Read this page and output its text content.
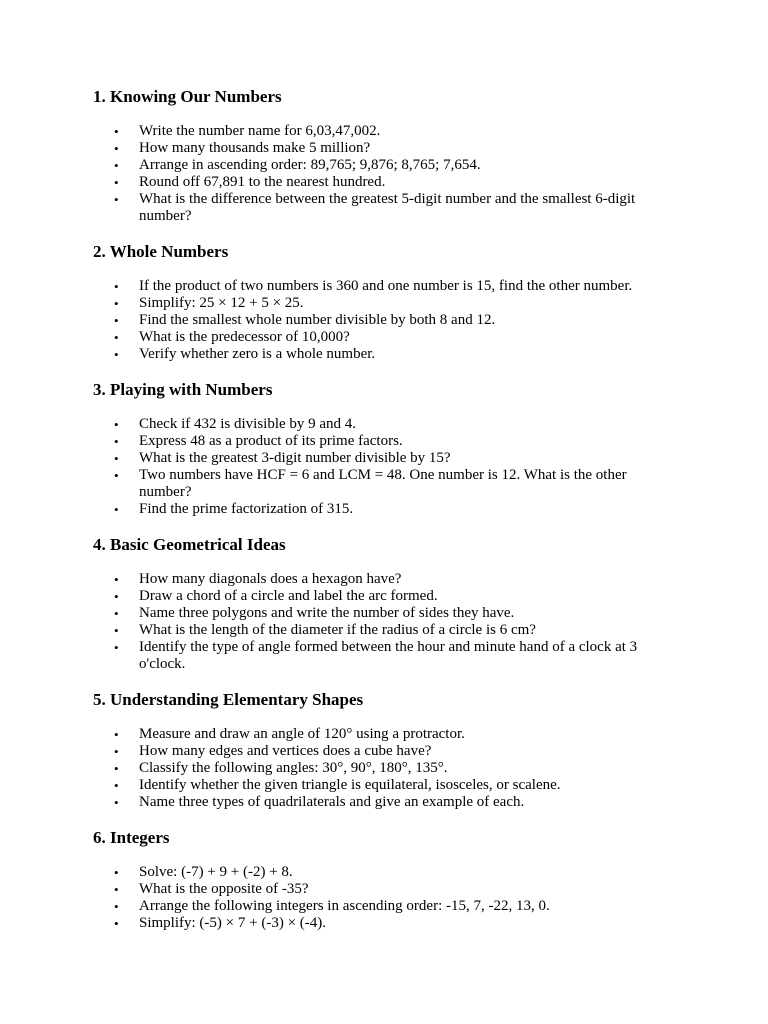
1. Knowing Our Numbers
• Write the number name for 6,03,47,002.
• How many thousands make 5 million?
• Arrange in ascending order: 89,765; 9,876; 8,765; 7,654.
• Round off 67,891 to the nearest hundred.
• What is the difference between the greatest 5-digit number and the smallest 6-digit number?
2. Whole Numbers
• If the product of two numbers is 360 and one number is 15, find the other number.
• Simplify: 25 × 12 + 5 × 25.
• Find the smallest whole number divisible by both 8 and 12.
• What is the predecessor of 10,000?
• Verify whether zero is a whole number.
3. Playing with Numbers
• Check if 432 is divisible by 9 and 4.
• Express 48 as a product of its prime factors.
• What is the greatest 3-digit number divisible by 15?
• Two numbers have HCF = 6 and LCM = 48. One number is 12. What is the other number?
• Find the prime factorization of 315.
4. Basic Geometrical Ideas
• How many diagonals does a hexagon have?
• Draw a chord of a circle and label the arc formed.
• Name three polygons and write the number of sides they have.
• What is the length of the diameter if the radius of a circle is 6 cm?
• Identify the type of angle formed between the hour and minute hand of a clock at 3 o'clock.
5. Understanding Elementary Shapes
• Measure and draw an angle of 120° using a protractor.
• How many edges and vertices does a cube have?
• Classify the following angles: 30°, 90°, 180°, 135°.
• Identify whether the given triangle is equilateral, isosceles, or scalene.
• Name three types of quadrilaterals and give an example of each.
6. Integers
• Solve: (-7) + 9 + (-2) + 8.
• What is the opposite of -35?
• Arrange the following integers in ascending order: -15, 7, -22, 13, 0.
• Simplify: (-5) × 7 + (-3) × (-4).
